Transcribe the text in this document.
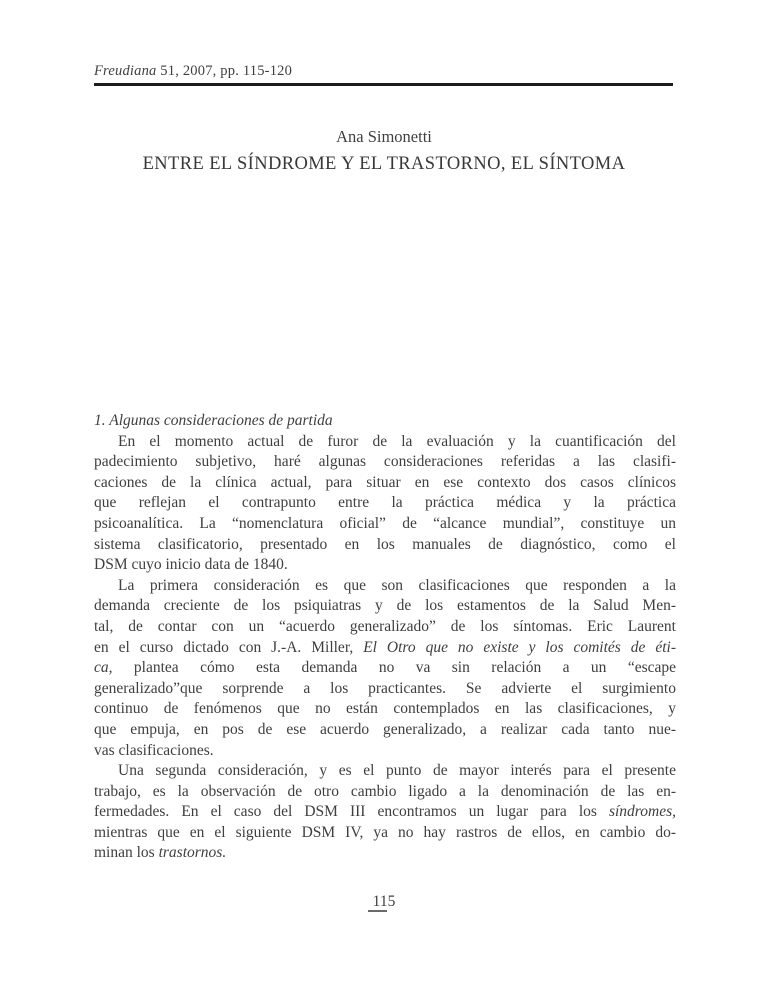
Freudiana 51, 2007, pp. 115-120
Ana Simonetti
ENTRE EL SÍNDROME Y EL TRASTORNO, EL SÍNTOMA
1. Algunas consideraciones de partida
En el momento actual de furor de la evaluación y la cuantificación del
padecimiento subjetivo, haré algunas consideraciones referidas a las clasifi-
caciones de la clínica actual, para situar en ese contexto dos casos clínicos
que reflejan el contrapunto entre la práctica médica y la práctica
psicoanalítica. La “nomenclatura oficial” de “alcance mundial”, constituye un
sistema clasificatorio, presentado en los manuales de diagnóstico, como el
DSM cuyo inicio data de 1840.
La primera consideración es que son clasificaciones que responden a la
demanda creciente de los psiquiatras y de los estamentos de la Salud Men-
tal, de contar con un “acuerdo generalizado” de los síntomas. Eric Laurent
en el curso dictado con J.-A. Miller, El Otro que no existe y los comités de éti-
ca, plantea cómo esta demanda no va sin relación a un “escape
generalizado”que sorprende a los practicantes. Se advierte el surgimiento
continuo de fenómenos que no están contemplados en las clasificaciones, y
que empuja, en pos de ese acuerdo generalizado, a realizar cada tanto nue-
vas clasificaciones.
Una segunda consideración, y es el punto de mayor interés para el presente
trabajo, es la observación de otro cambio ligado a la denominación de las en-
fermedades. En el caso del DSM III encontramos un lugar para los síndromes,
mientras que en el siguiente DSM IV, ya no hay rastros de ellos, en cambio do-
minan los trastornos.
115
